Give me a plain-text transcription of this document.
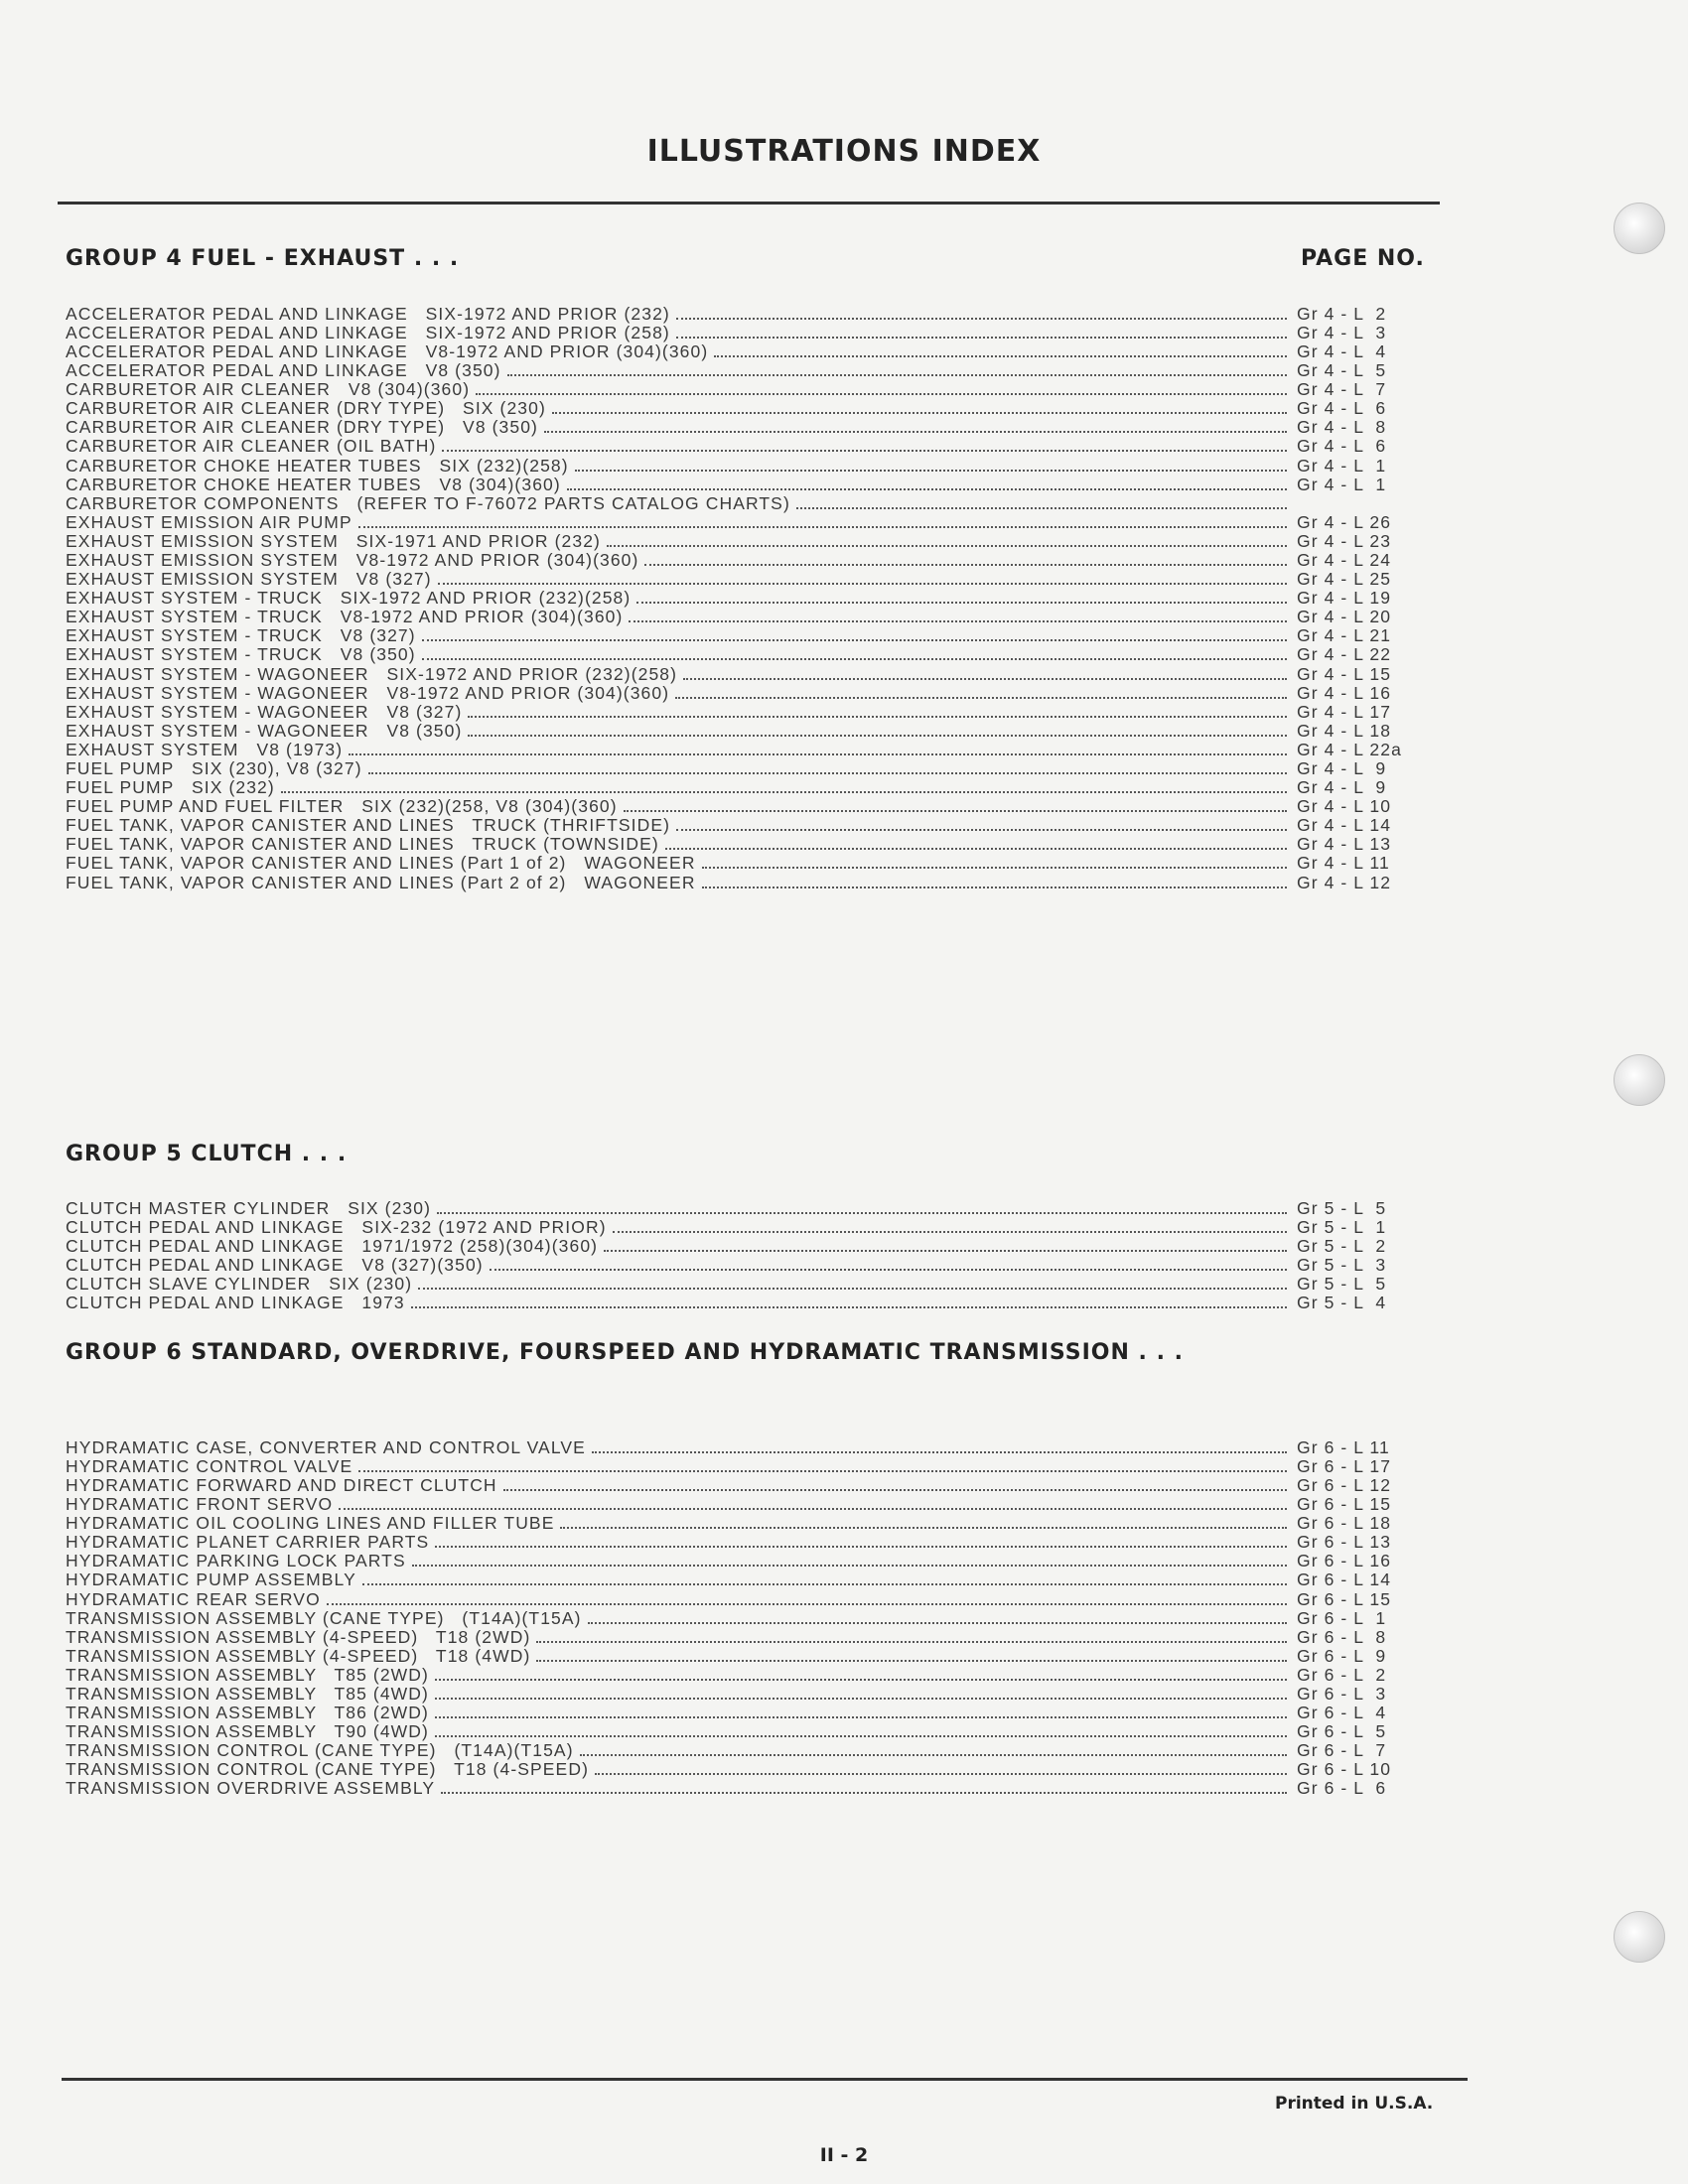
ILLUSTRATIONS INDEX
GROUP 4 FUEL - EXHAUST . . .	PAGE NO.
ACCELERATOR PEDAL AND LINKAGE   SIX-1972 AND PRIOR (232)	Gr 4 - L  2
ACCELERATOR PEDAL AND LINKAGE   SIX-1972 AND PRIOR (258)	Gr 4 - L  3
ACCELERATOR PEDAL AND LINKAGE   V8-1972 AND PRIOR (304)(360)	Gr 4 - L  4
ACCELERATOR PEDAL AND LINKAGE   V8 (350)	Gr 4 - L  5
CARBURETOR AIR CLEANER   V8 (304)(360)	Gr 4 - L  7
CARBURETOR AIR CLEANER (DRY TYPE)   SIX (230)	Gr 4 - L  6
CARBURETOR AIR CLEANER (DRY TYPE)   V8 (350)	Gr 4 - L  8
CARBURETOR AIR CLEANER (OIL BATH)	Gr 4 - L  6
CARBURETOR CHOKE HEATER TUBES   SIX (232)(258)	Gr 4 - L  1
CARBURETOR CHOKE HEATER TUBES   V8 (304)(360)	Gr 4 - L  1
CARBURETOR COMPONENTS   (REFER TO F-76072 PARTS CATALOG CHARTS)
EXHAUST EMISSION AIR PUMP	Gr 4 - L 26
EXHAUST EMISSION SYSTEM   SIX-1971 AND PRIOR (232)	Gr 4 - L 23
EXHAUST EMISSION SYSTEM   V8-1972 AND PRIOR (304)(360)	Gr 4 - L 24
EXHAUST EMISSION SYSTEM   V8 (327)	Gr 4 - L 25
EXHAUST SYSTEM - TRUCK   SIX-1972 AND PRIOR (232)(258)	Gr 4 - L 19
EXHAUST SYSTEM - TRUCK   V8-1972 AND PRIOR (304)(360)	Gr 4 - L 20
EXHAUST SYSTEM - TRUCK   V8 (327)	Gr 4 - L 21
EXHAUST SYSTEM - TRUCK   V8 (350)	Gr 4 - L 22
EXHAUST SYSTEM - WAGONEER   SIX-1972 AND PRIOR (232)(258)	Gr 4 - L 15
EXHAUST SYSTEM - WAGONEER   V8-1972 AND PRIOR (304)(360)	Gr 4 - L 16
EXHAUST SYSTEM - WAGONEER   V8 (327)	Gr 4 - L 17
EXHAUST SYSTEM - WAGONEER   V8 (350)	Gr 4 - L 18
EXHAUST SYSTEM   V8 (1973)	Gr 4 - L 22a
FUEL PUMP   SIX (230), V8 (327)	Gr 4 - L  9
FUEL PUMP   SIX (232)	Gr 4 - L  9
FUEL PUMP AND FUEL FILTER   SIX (232)(258, V8 (304)(360)	Gr 4 - L 10
FUEL TANK, VAPOR CANISTER AND LINES   TRUCK (THRIFTSIDE)	Gr 4 - L 14
FUEL TANK, VAPOR CANISTER AND LINES   TRUCK (TOWNSIDE)	Gr 4 - L 13
FUEL TANK, VAPOR CANISTER AND LINES (Part 1 of 2)   WAGONEER	Gr 4 - L 11
FUEL TANK, VAPOR CANISTER AND LINES (Part 2 of 2)   WAGONEER	Gr 4 - L 12
GROUP 5 CLUTCH . . .
CLUTCH MASTER CYLINDER   SIX (230)	Gr 5 - L  5
CLUTCH PEDAL AND LINKAGE   SIX-232 (1972 AND PRIOR)	Gr 5 - L  1
CLUTCH PEDAL AND LINKAGE   1971/1972 (258)(304)(360)	Gr 5 - L  2
CLUTCH PEDAL AND LINKAGE   V8 (327)(350)	Gr 5 - L  3
CLUTCH SLAVE CYLINDER   SIX (230)	Gr 5 - L  5
CLUTCH PEDAL AND LINKAGE   1973	Gr 5 - L  4
GROUP 6 STANDARD, OVERDRIVE, FOURSPEED AND HYDRAMATIC TRANSMISSION . . .
HYDRAMATIC CASE, CONVERTER AND CONTROL VALVE	Gr 6 - L 11
HYDRAMATIC CONTROL VALVE	Gr 6 - L 17
HYDRAMATIC FORWARD AND DIRECT CLUTCH	Gr 6 - L 12
HYDRAMATIC FRONT SERVO	Gr 6 - L 15
HYDRAMATIC OIL COOLING LINES AND FILLER TUBE	Gr 6 - L 18
HYDRAMATIC PLANET CARRIER PARTS	Gr 6 - L 13
HYDRAMATIC PARKING LOCK PARTS	Gr 6 - L 16
HYDRAMATIC PUMP ASSEMBLY	Gr 6 - L 14
HYDRAMATIC REAR SERVO	Gr 6 - L 15
TRANSMISSION ASSEMBLY (CANE TYPE)   (T14A)(T15A)	Gr 6 - L  1
TRANSMISSION ASSEMBLY (4-SPEED)   T18 (2WD)	Gr 6 - L  8
TRANSMISSION ASSEMBLY (4-SPEED)   T18 (4WD)	Gr 6 - L  9
TRANSMISSION ASSEMBLY   T85 (2WD)	Gr 6 - L  2
TRANSMISSION ASSEMBLY   T85 (4WD)	Gr 6 - L  3
TRANSMISSION ASSEMBLY   T86 (2WD)	Gr 6 - L  4
TRANSMISSION ASSEMBLY   T90 (4WD)	Gr 6 - L  5
TRANSMISSION CONTROL (CANE TYPE)   (T14A)(T15A)	Gr 6 - L  7
TRANSMISSION CONTROL (CANE TYPE)   T18 (4-SPEED)	Gr 6 - L 10
TRANSMISSION OVERDRIVE ASSEMBLY	Gr 6 - L  6
Printed in U.S.A.
II - 2
